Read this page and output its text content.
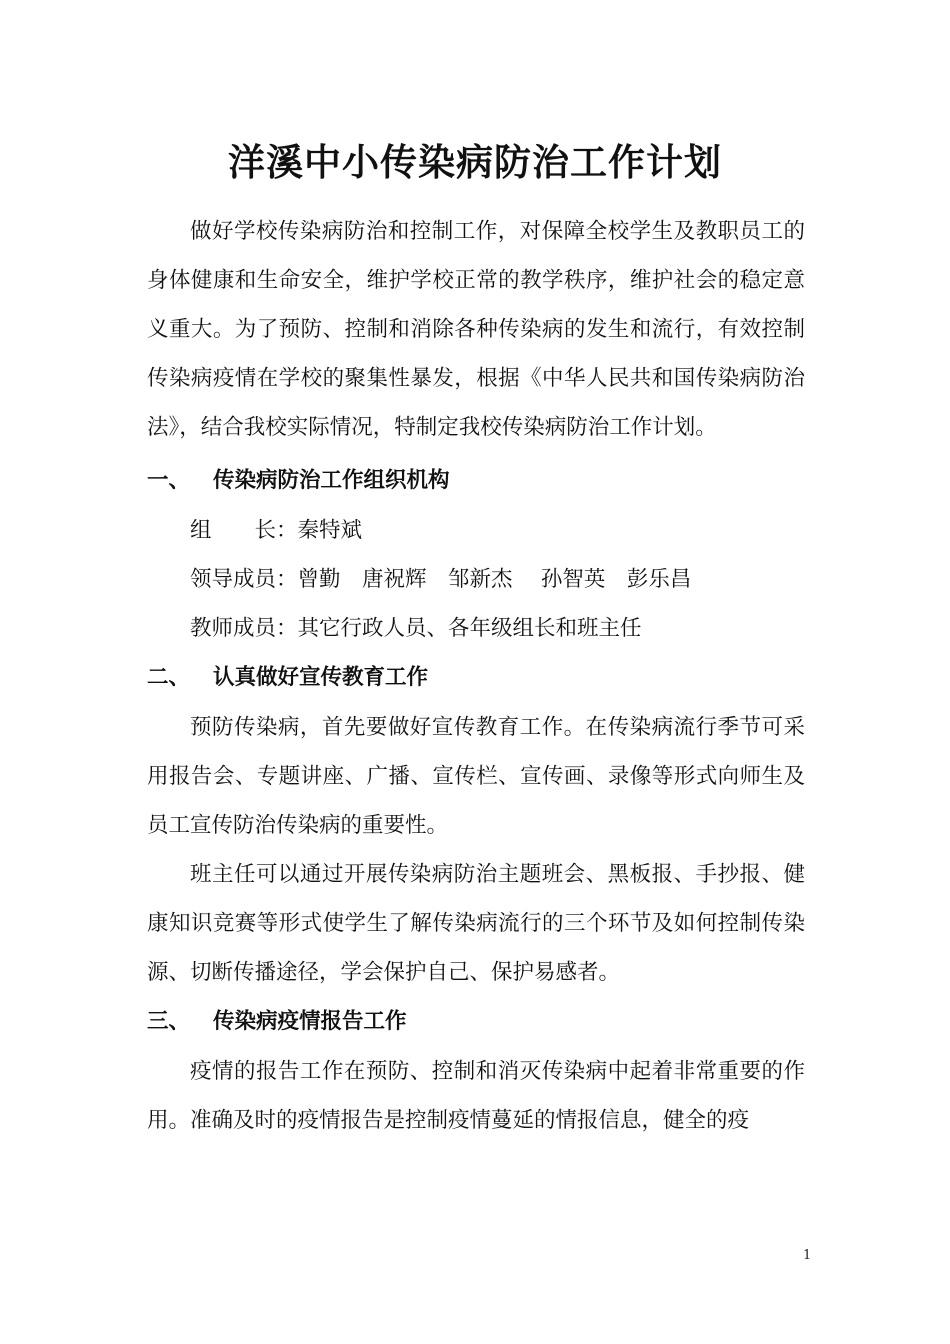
洋溪中小传染病防治工作计划

做好学校传染病防治和控制工作，对保障全校学生及教职员工的身体健康和生命安全，维护学校正常的教学秩序，维护社会的稳定意义重大。为了预防、控制和消除各种传染病的发生和流行，有效控制传染病疫情在学校的聚集性暴发，根据《中华人民共和国传染病防治法》，结合我校实际情况，特制定我校传染病防治工作计划。

一、 传染病防治工作组织机构

组　　长：秦特斌

领导成员：曾勤　唐祝辉　邹新杰　 孙智英　彭乐昌

教师成员：其它行政人员、各年级组长和班主任

二、 认真做好宣传教育工作

预防传染病，首先要做好宣传教育工作。在传染病流行季节可采用报告会、专题讲座、广播、宣传栏、宣传画、录像等形式向师生及员工宣传防治传染病的重要性。

班主任可以通过开展传染病防治主题班会、黑板报、手抄报、健康知识竞赛等形式使学生了解传染病流行的三个环节及如何控制传染源、切断传播途径，学会保护自己、保护易感者。

三、 传染病疫情报告工作

疫情的报告工作在预防、控制和消灭传染病中起着非常重要的作用。准确及时的疫情报告是控制疫情蔓延的情报信息，健全的疫

1
